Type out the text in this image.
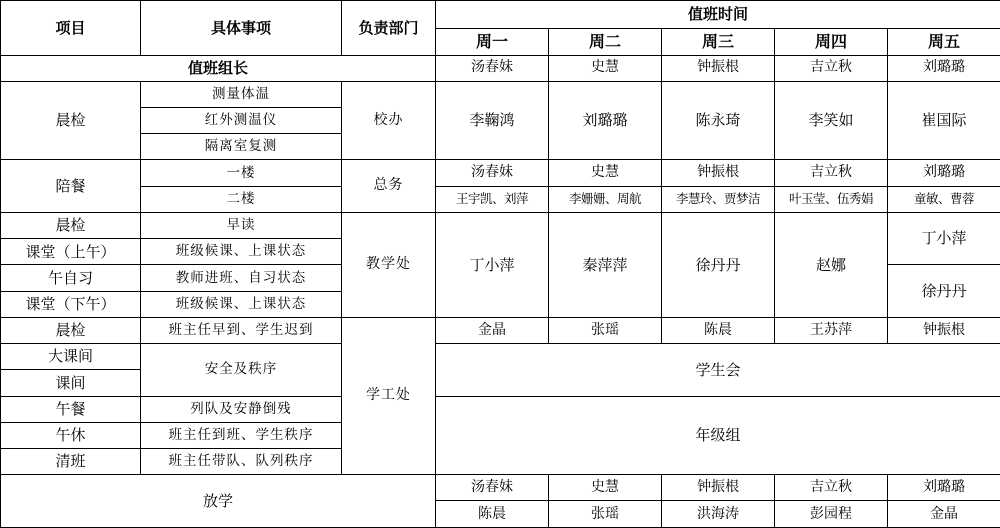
项目	具体事项	负责部门	值班时间				
			周一	周二	周三	周四	周五
值班组长			汤春妹	史慧	钟振根	吉立秋	刘璐璐
晨检	测量体温	校办	李鞠鸿	刘璐璐	陈永琦	李笑如	崔国际
	红外测温仪						
	隔离室复测						
陪餐	一楼	总务	汤春妹	史慧	钟振根	吉立秋	刘璐璐
	二楼		王宇凯、刘萍	李姗姗、周航	李慧玲、贾梦洁	叶玉莹、伍秀娟	童敏、曹蓉
晨检	早读	教学处	丁小萍	秦萍萍	徐丹丹	赵娜	丁小萍
课堂（上午）	班级候课、上课状态						
午自习	教师进班、自习状态						徐丹丹
课堂（下午）	班级候课、上课状态						
晨检	班主任早到、学生迟到	学工处	金晶	张瑶	陈晨	王苏萍	钟振根
大课间	安全及秩序		学生会				
课间							
午餐	列队及安静倒残		年级组				
午休	班主任到班、学生秩序						
清班	班主任带队、队列秩序						
放学			汤春妹	史慧	钟振根	吉立秋	刘璐璐
			陈晨	张瑶	洪海涛	彭园程	金晶
